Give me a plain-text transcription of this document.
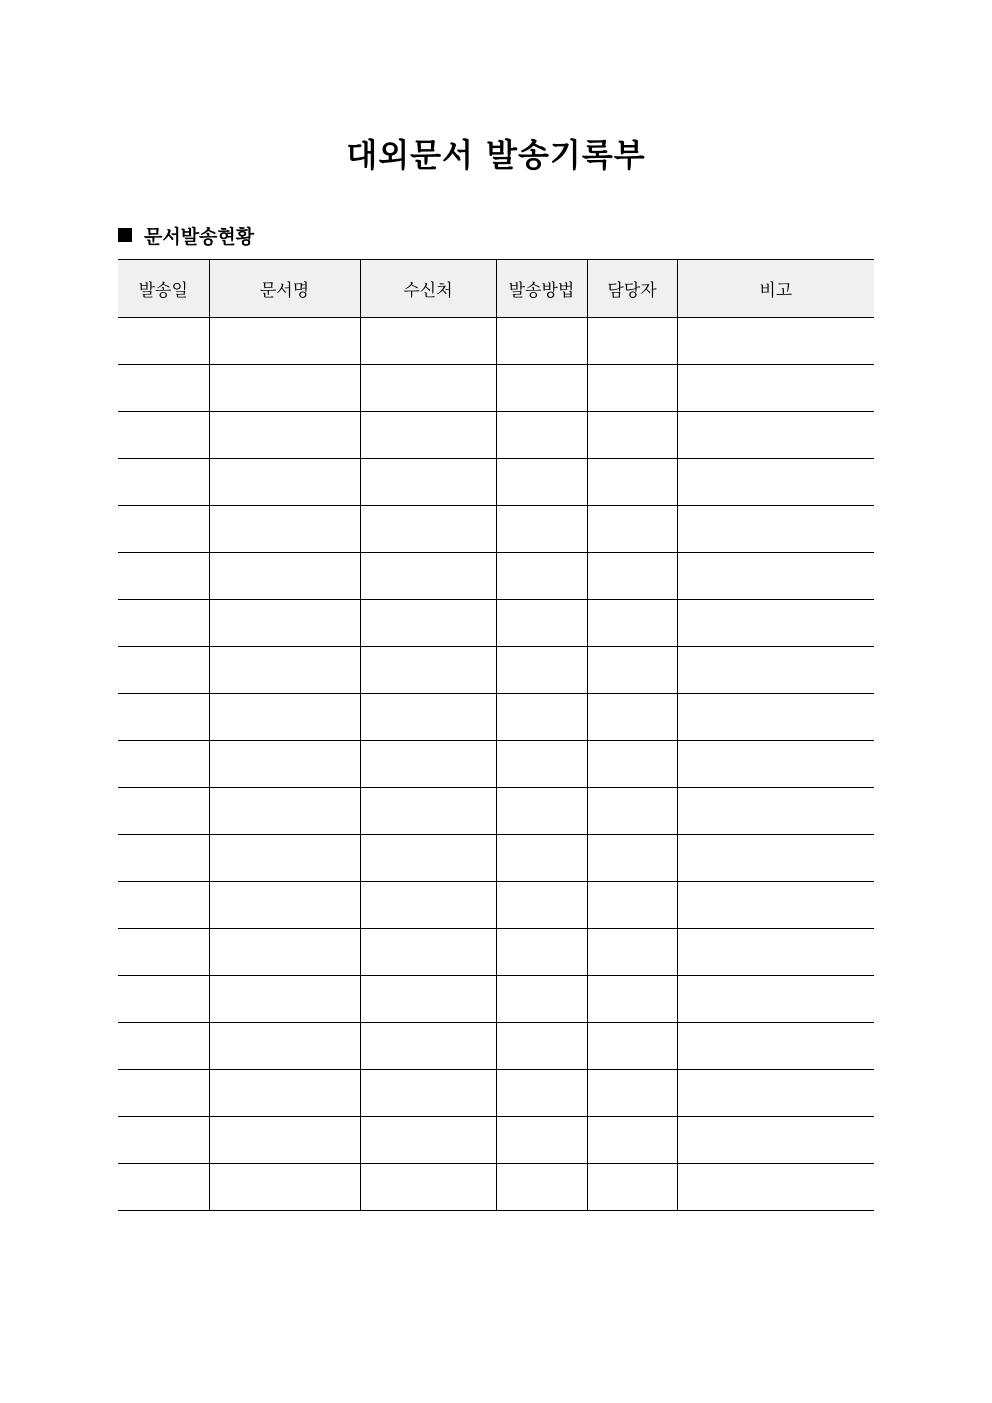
대외문서 발송기록부
문서발송현황
발송일	문서명	수신처	발송방법	담당자	비고
